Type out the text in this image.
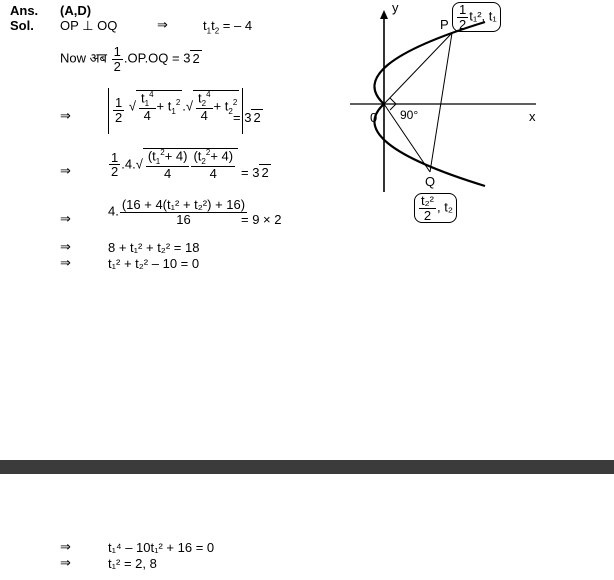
Ans. (A,D)
Sol. OP ⊥ OQ	⇒	$t_1t_2$ = – 4
Now अब $\frac{1}{2} .OP.OQ = 3$ 2
⇒	$\frac{1}{2}$ √ $\frac{t_1^4}{4} + t_1^2$ .√ $\frac{t_2^4}{4} + t_2^2$
= 3 2
⇒	$\frac{1}{2} .4.√ \frac{(t_1^2+ 4)}{4} \frac{(t_2^2+ 4)}{4} = 3$ 2
⇒
4. $\frac{\text{(16 + 4(t₁² + t₂²) + 16)}}{16}$
= 9 × 2
⇒	8 + t₁² + t₂² = 18
⇒	t₁² + t₂² – 10 = 0
y
x
0 90°
P
Q
$\frac{1}{2} t_1^2$, t₁
$\frac{\text{t₂²}}{2}$ , t₂
⇒	t₁⁴ – 10t₁² + 16 = 0
⇒	t₁² = 2, 8
